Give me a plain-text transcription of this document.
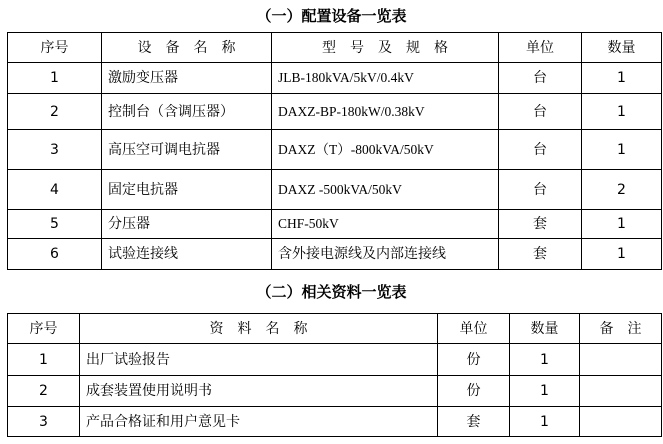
（一）配置设备一览表
序号	设　备　名　称	型　号　及　规　格	单位	数量
1	激励变压器	JLB-180kVA/5kV/0.4kV	台	1
2	控制台（含调压器）	DAXZ-BP-180kW/0.38kV	台	1
3	高压空可调电抗器	DAXZ（T）-800kVA/50kV	台	1
4	固定电抗器	DAXZ -500kVA/50kV	台	2
5	分压器	CHF-50kV	套	1
6	试验连接线	含外接电源线及内部连接线	套	1
（二）相关资料一览表
序号	资　料　名　称	单位	数量	备　注
1	出厂试验报告	份	1	
2	成套装置使用说明书	份	1	
3	产品合格证和用户意见卡	套	1	
